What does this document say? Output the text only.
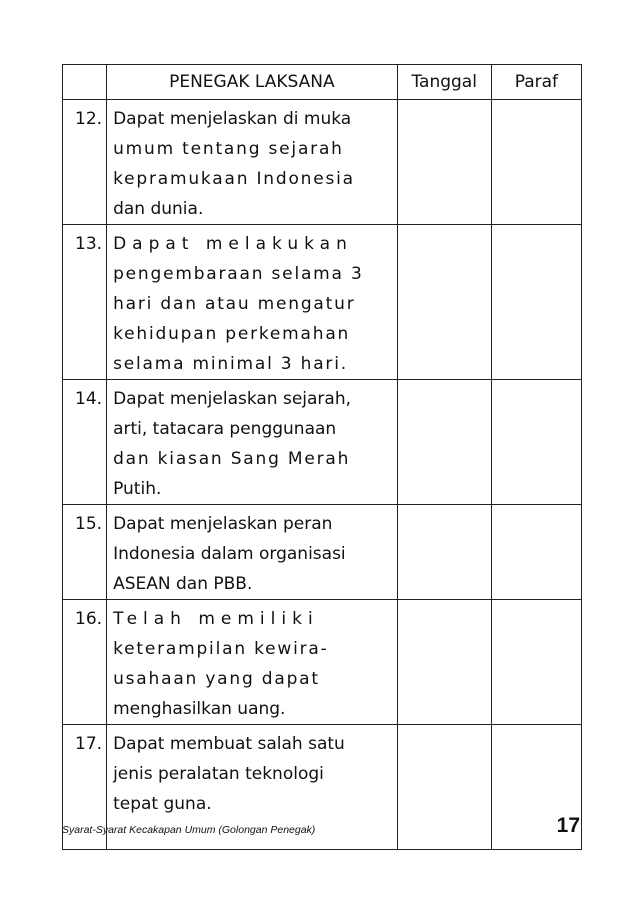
	PENEGAK LAKSANA	Tanggal	Paraf
12.	Dapat menjelaskan di muka
umum tentang sejarah
kepramukaan Indonesia
dan dunia.		

13.	Dapat melakukan
pengembaraan selama 3
hari dan atau mengatur
kehidupan perkemahan
selama minimal 3 hari.		

14.	Dapat menjelaskan sejarah,
arti, tatacara penggunaan
dan kiasan Sang Merah
Putih.		

15.	Dapat menjelaskan peran
Indonesia dalam organisasi
ASEAN dan PBB.		

16.	Telah memiliki
keterampilan kewira-
usahaan yang dapat
menghasilkan uang.		

17.	Dapat membuat salah satu
jenis peralatan teknologi
tepat guna.		

Syarat-Syarat Kecakapan Umum (Golongan Penegak)	17
